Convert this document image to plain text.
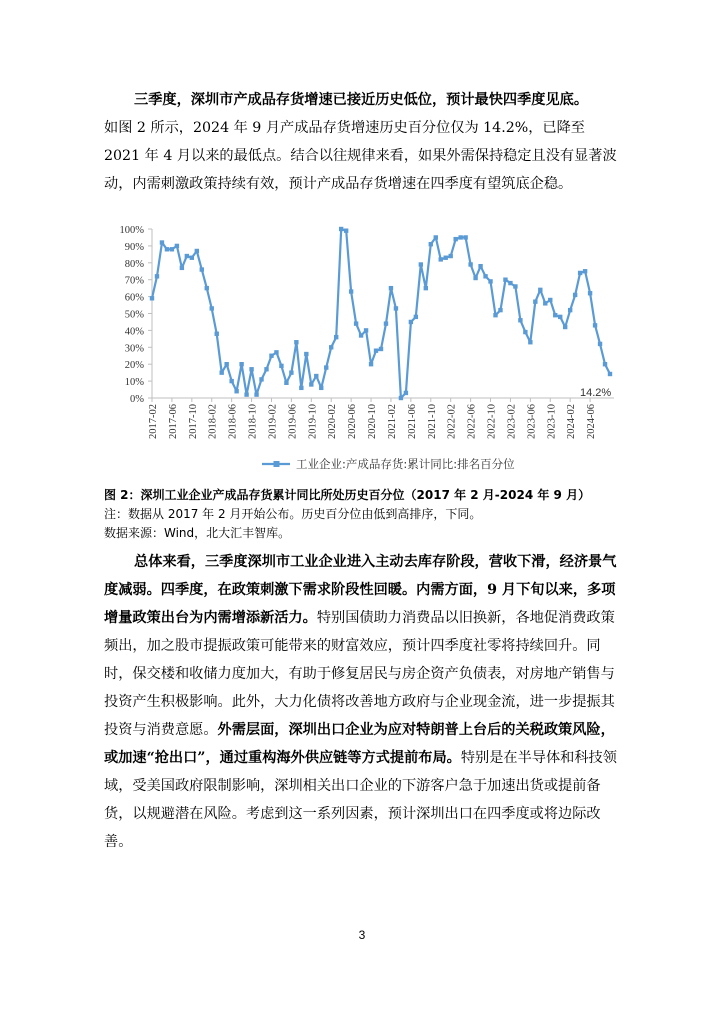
三季度，深圳市产成品存货增速已接近历史低位，预计最快四季度见底。
如图 2 所示，2024 年 9 月产成品存货增速历史百分位仅为 14.2%，已降至 2021 年 4 月以来的最低点。结合以往规律来看，如果外需保持稳定且没有显著波动，内需刺激政策持续有效，预计产成品存货增速在四季度有望筑底企稳。
0%
10%
20%
30%
40%
50%
60%
70%
80%
90%
100%
2017-02 2017-06 2017-10 2018-02 2018-06 2018-10 2019-02 2019-06 2019-10 2020-02 2020-06 2020-10 2021-02 2021-06 2021-10 2022-02 2022-06 2022-10 2023-02 2023-06 2023-10 2024-02 2024-06
14.2%
工业企业:产成品存货:累计同比:排名百分位
图 2：深圳工业企业产成品存货累计同比所处历史百分位（2017 年 2 月-2024 年 9 月）
注：数据从 2017 年 2 月开始公布。历史百分位由低到高排序，下同。
数据来源：Wind，北大汇丰智库。
总体来看，三季度深圳市工业企业进入主动去库存阶段，营收下滑，经济景气度减弱。四季度，在政策刺激下需求阶段性回暖。内需方面，9 月下旬以来，多项增量政策出台为内需增添新活力。特别国债助力消费品以旧换新，各地促消费政策频出，加之股市提振政策可能带来的财富效应，预计四季度社零将持续回升。同时，保交楼和收储力度加大，有助于修复居民与房企资产负债表，对房地产销售与投资产生积极影响。此外，大力化债将改善地方政府与企业现金流，进一步提振其投资与消费意愿。外需层面，深圳出口企业为应对特朗普上台后的关税政策风险，或加速“抢出口”，通过重构海外供应链等方式提前布局。特别是在半导体和科技领域，受美国政府限制影响，深圳相关出口企业的下游客户急于加速出货或提前备货，以规避潜在风险。考虑到这一系列因素，预计深圳出口在四季度或将边际改善。
3
